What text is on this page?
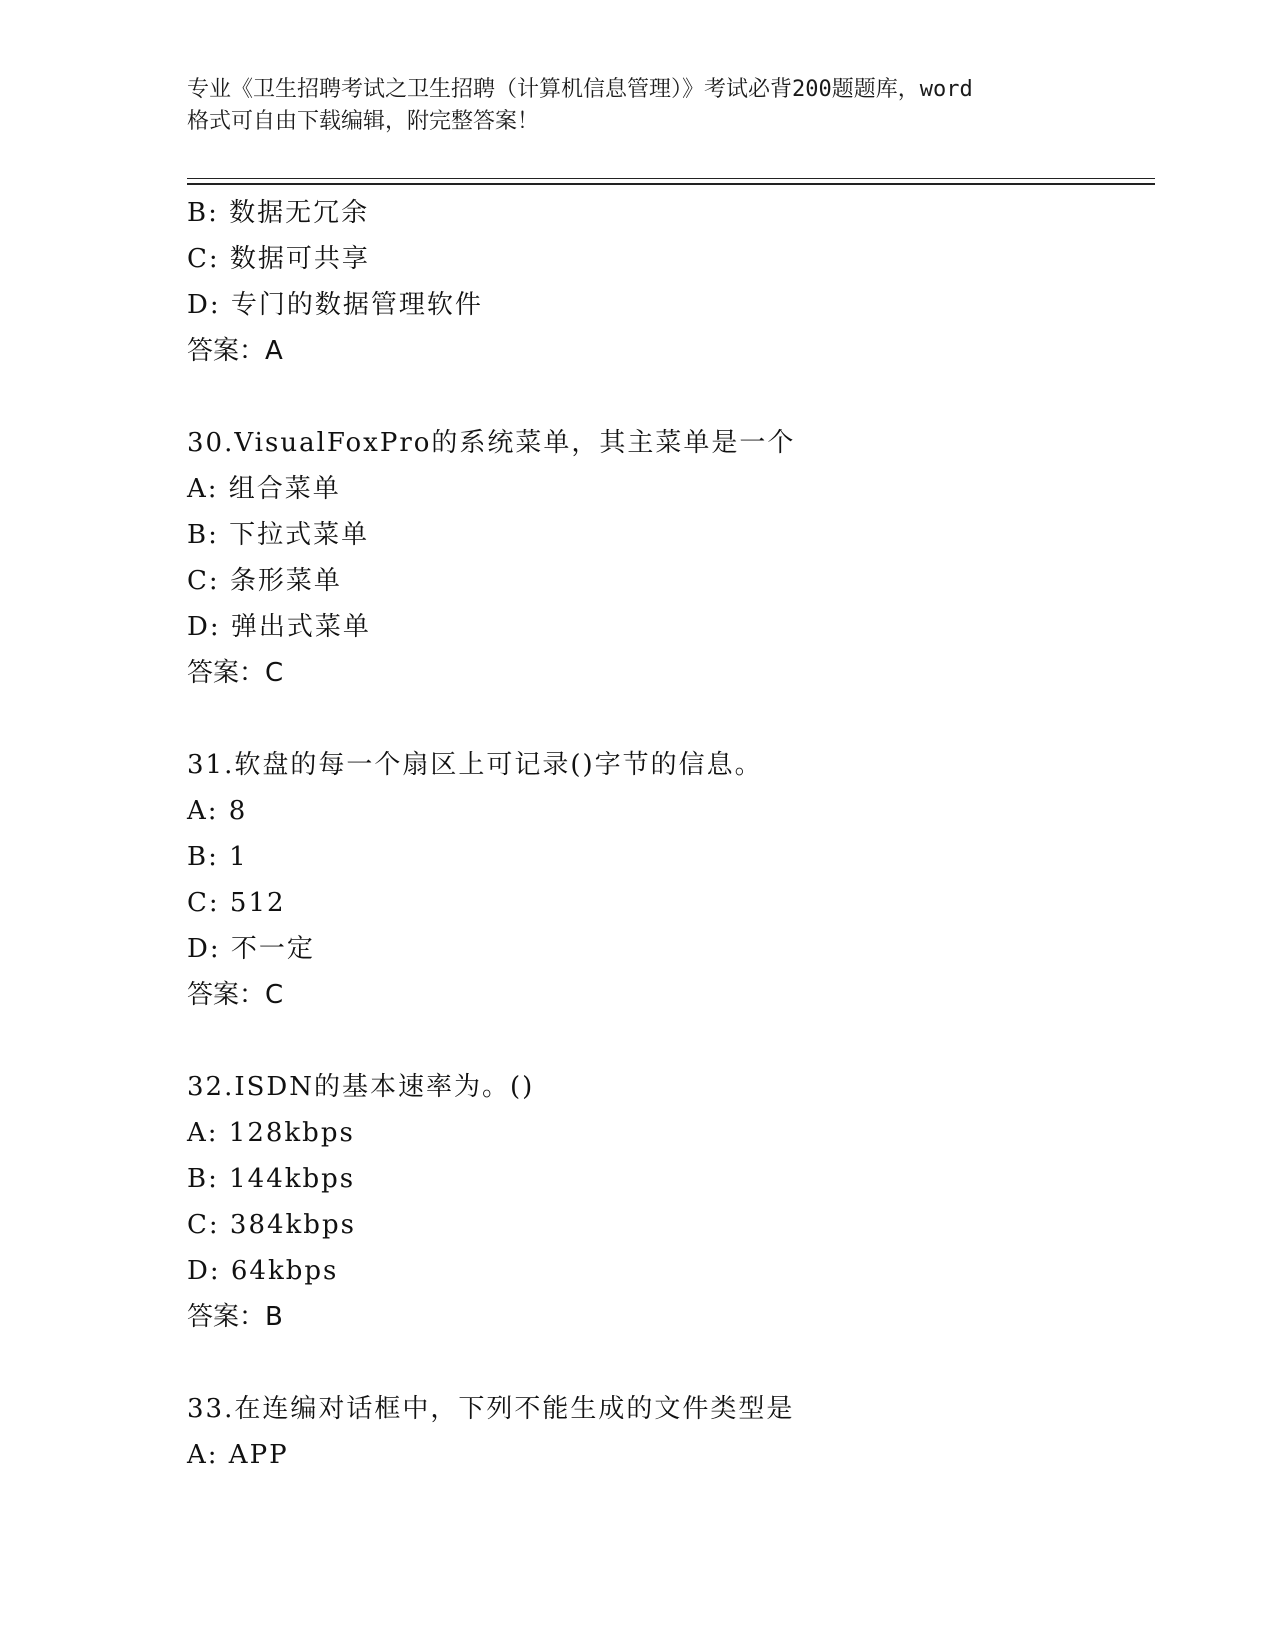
专业《卫生招聘考试之卫生招聘（计算机信息管理）》考试必背200题题库，word
格式可自由下载编辑，附完整答案！
B: 数据无冗余
C: 数据可共享
D: 专门的数据管理软件
答案：A
30.VisualFoxPro的系统菜单，其主菜单是一个
A: 组合菜单
B: 下拉式菜单
C: 条形菜单
D: 弹出式菜单
答案：C
31.软盘的每一个扇区上可记录()字节的信息。
A: 8
B: 1
C: 512
D: 不一定
答案：C
32.ISDN的基本速率为。()
A: 128kbps
B: 144kbps
C: 384kbps
D: 64kbps
答案：B
33.在连编对话框中，下列不能生成的文件类型是
A: APP
